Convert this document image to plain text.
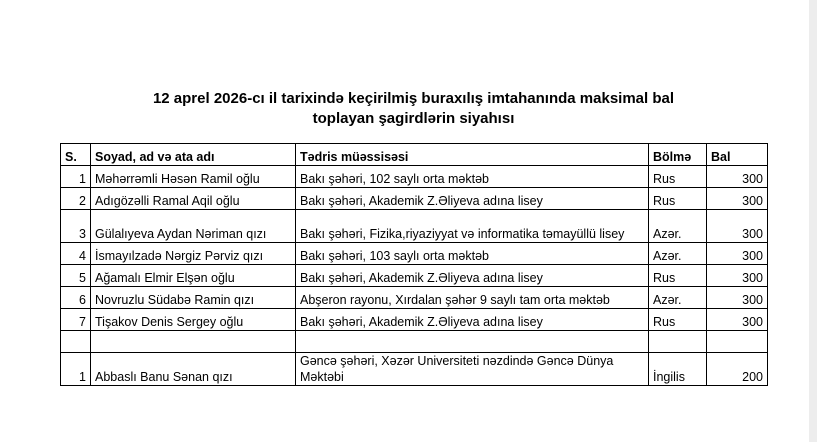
12 aprel 2026-cı il tarixində keçirilmiş buraxılış imtahanında maksimal bal
toplayan şagirdlərin siyahısı
S.	Soyad, ad və ata adı	Tədris müəssisəsi	Bölmə	Bal
1	Məhərrəmli Həsən Ramil oğlu	Bakı şəhəri, 102 saylı orta məktəb	Rus	300
2	Adıgözəlli Ramal Aqil oğlu	Bakı şəhəri, Akademik Z.Əliyeva adına lisey	Rus	300
3	Gülalıyeva Aydan Nəriman qızı	Bakı şəhəri, Fizika,riyaziyyat və informatika təmayüllü lisey	Azər.	300
4	İsmayılzadə Nərgiz Pərviz qızı	Bakı şəhəri, 103 saylı orta məktəb	Azər.	300
5	Ağamalı Elmir Elşən oğlu	Bakı şəhəri, Akademik Z.Əliyeva adına lisey	Rus	300
6	Novruzlu Südabə Ramin qızı	Abşeron rayonu, Xırdalan şəhər 9 saylı tam orta məktəb	Azər.	300
7	Tişakov Denis Sergey oğlu	Bakı şəhəri, Akademik Z.Əliyeva adına lisey	Rus	300

1	Abbaslı Banu Sənan qızı	Gəncə şəhəri, Xəzər Universiteti nəzdində Gəncə Dünya Məktəbi	İngilis	200
